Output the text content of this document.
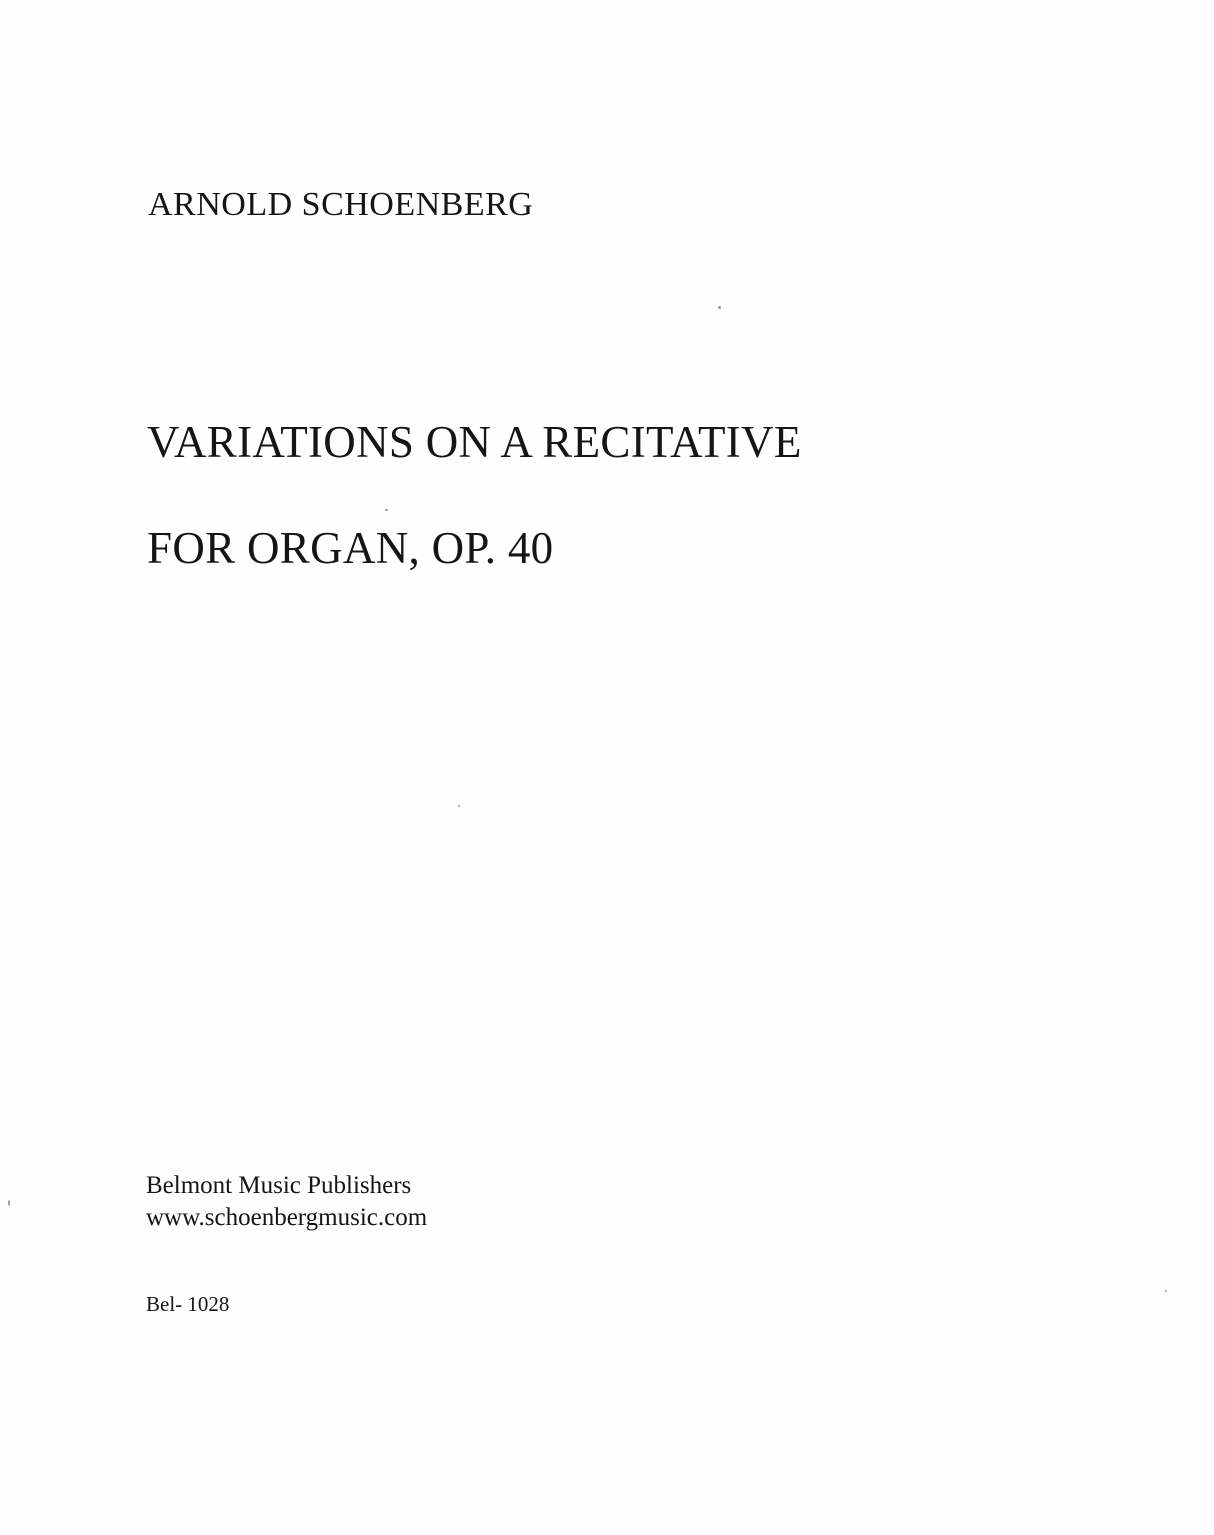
ARNOLD SCHOENBERG
VARIATIONS ON A RECITATIVE
FOR ORGAN, OP. 40
Belmont Music Publishers
www.schoenbergmusic.com
Bel- 1028
